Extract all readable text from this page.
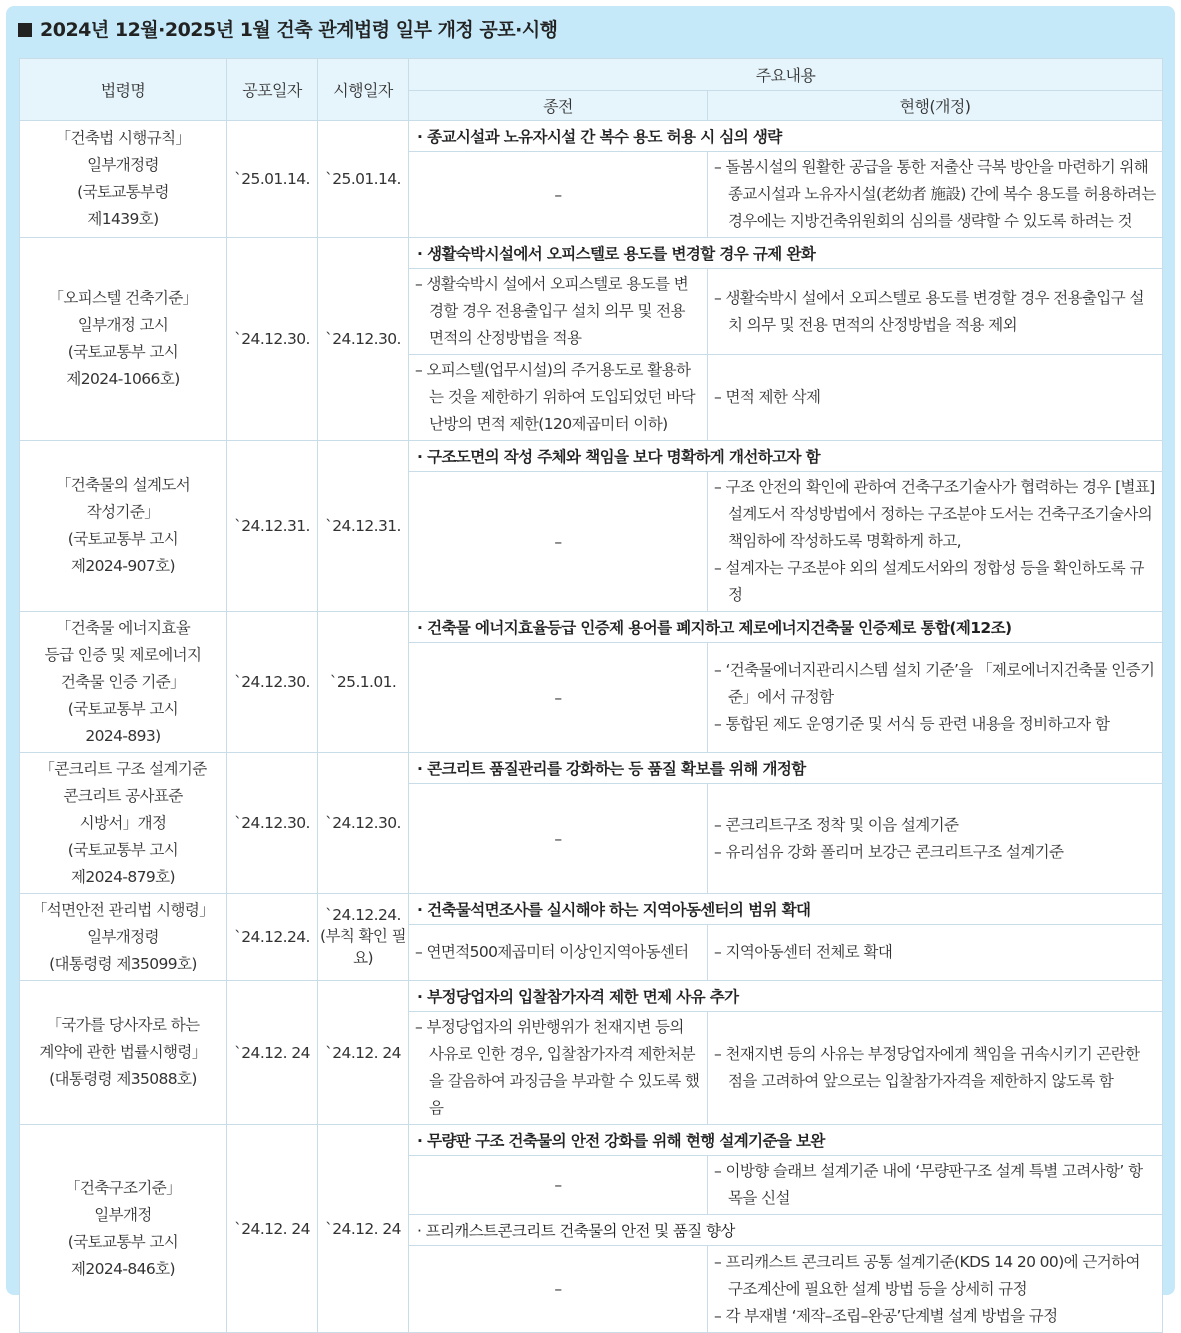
2024년 12월·2025년 1월 건축 관계법령 일부 개정 공포·시행
법령명	공포일자	시행일자	주요내용	
			종전	현행(개정)

「건축법 시행규칙」
일부개정령
(국토교통부령
제1439호)	`25.01.14.	`25.01.14.	· 종교시설과 노유자시설 간 복수 용도 허용 시 심의 생략	

			–	– 돌봄시설의 원활한 공급을 통한 저출산 극복 방안을 마련하기 위해 종교시설과 노유자시설(老幼者 施設) 간에 복수 용도를 허용하려는 경우에는 지방건축위원회의 심의를 생략할 수 있도록 하려는 것

「오피스텔 건축기준」
일부개정 고시
(국토교통부 고시
제2024-1066호)	`24.12.30.	`24.12.30.	· 생활숙박시설에서 오피스텔로 용도를 변경할 경우 규제 완화	

			– 생활숙박시 설에서 오피스텔로 용도를 변경할 경우 전용출입구 설치 의무 및 전용 면적의 산정방법을 적용	– 생활숙박시 설에서 오피스텔로 용도를 변경할 경우 전용출입구 설치 의무 및 전용 면적의 산정방법을 적용 제외

			– 오피스텔(업무시설)의 주거용도로 활용하는 것을 제한하기 위하여 도입되었던 바닥난방의 면적 제한(120제곱미터 이하)	– 면적 제한 삭제

「건축물의 설계도서
작성기준」
(국토교통부 고시
제2024-907호)	`24.12.31.	`24.12.31.	· 구조도면의 작성 주체와 책임을 보다 명확하게 개선하고자 함	

			–	– 구조 안전의 확인에 관하여 건축구조기술사가 협력하는 경우 [별표] 설계도서 작성방법에서 정하는 구조분야 도서는 건축구조기술사의 책임하에 작성하도록 명확하게 하고,
– 설계자는 구조분야 외의 설계도서와의 정합성 등을 확인하도록 규정

「건축물 에너지효율
등급 인증 및 제로에너지
건축물 인증 기준」
(국토교통부 고시
2024-893)	`24.12.30.	`25.1.01.	· 건축물 에너지효율등급 인증제 용어를 폐지하고 제로에너지건축물 인증제로 통합(제12조)	

			–	– ‘건축물에너지관리시스템 설치 기준’을 「제로에너지건축물 인증기준」에서 규정함
– 통합된 제도 운영기준 및 서식 등 관련 내용을 정비하고자 함

「콘크리트 구조 설계기준
콘크리트 공사표준
시방서」개정
(국토교통부 고시
제2024-879호)	`24.12.30.	`24.12.30.	· 콘크리트 품질관리를 강화하는 등 품질 확보를 위해 개정함	

			–	– 콘크리트구조 정착 및 이음 설계기준
– 유리섬유 강화 폴리머 보강근 콘크리트구조 설계기준

「석면안전 관리법 시행령」
일부개정령
(대통령령 제35099호)	`24.12.24.	`24.12.24. (부칙 확인 필요)	· 건축물석면조사를 실시해야 하는 지역아동센터의 범위 확대	

			– 연면적500제곱미터 이상인지역아동센터	– 지역아동센터 전체로 확대

「국가를 당사자로 하는
계약에 관한 법률시행령」
(대통령령 제35088호)	`24.12. 24	`24.12. 24	· 부정당업자의 입찰참가자격 제한 면제 사유 추가	

			– 부정당업자의 위반행위가 천재지변 등의 사유로 인한 경우, 입찰참가자격 제한처분을 갈음하여 과징금을 부과할 수 있도록 했음	– 천재지변 등의 사유는 부정당업자에게 책임을 귀속시키기 곤란한 점을 고려하여 앞으로는 입찰참가자격을 제한하지 않도록 함

「건축구조기준」
일부개정
(국토교통부 고시
제2024-846호)	`24.12. 24	`24.12. 24	· 무량판 구조 건축물의 안전 강화를 위해 현행 설계기준을 보완	

			–	– 이방향 슬래브 설계기준 내에 ‘무량판구조 설계 특별 고려사항’ 항목을 신설

			· 프리캐스트콘크리트 건축물의 안전 및 품질 향상	

			–	– 프리캐스트 콘크리트 공통 설계기준(KDS 14 20 00)에 근거하여 구조계산에 필요한 설계 방법 등을 상세히 규정
– 각 부재별 ‘제작–조립–완공’단계별 설계 방법을 규정
